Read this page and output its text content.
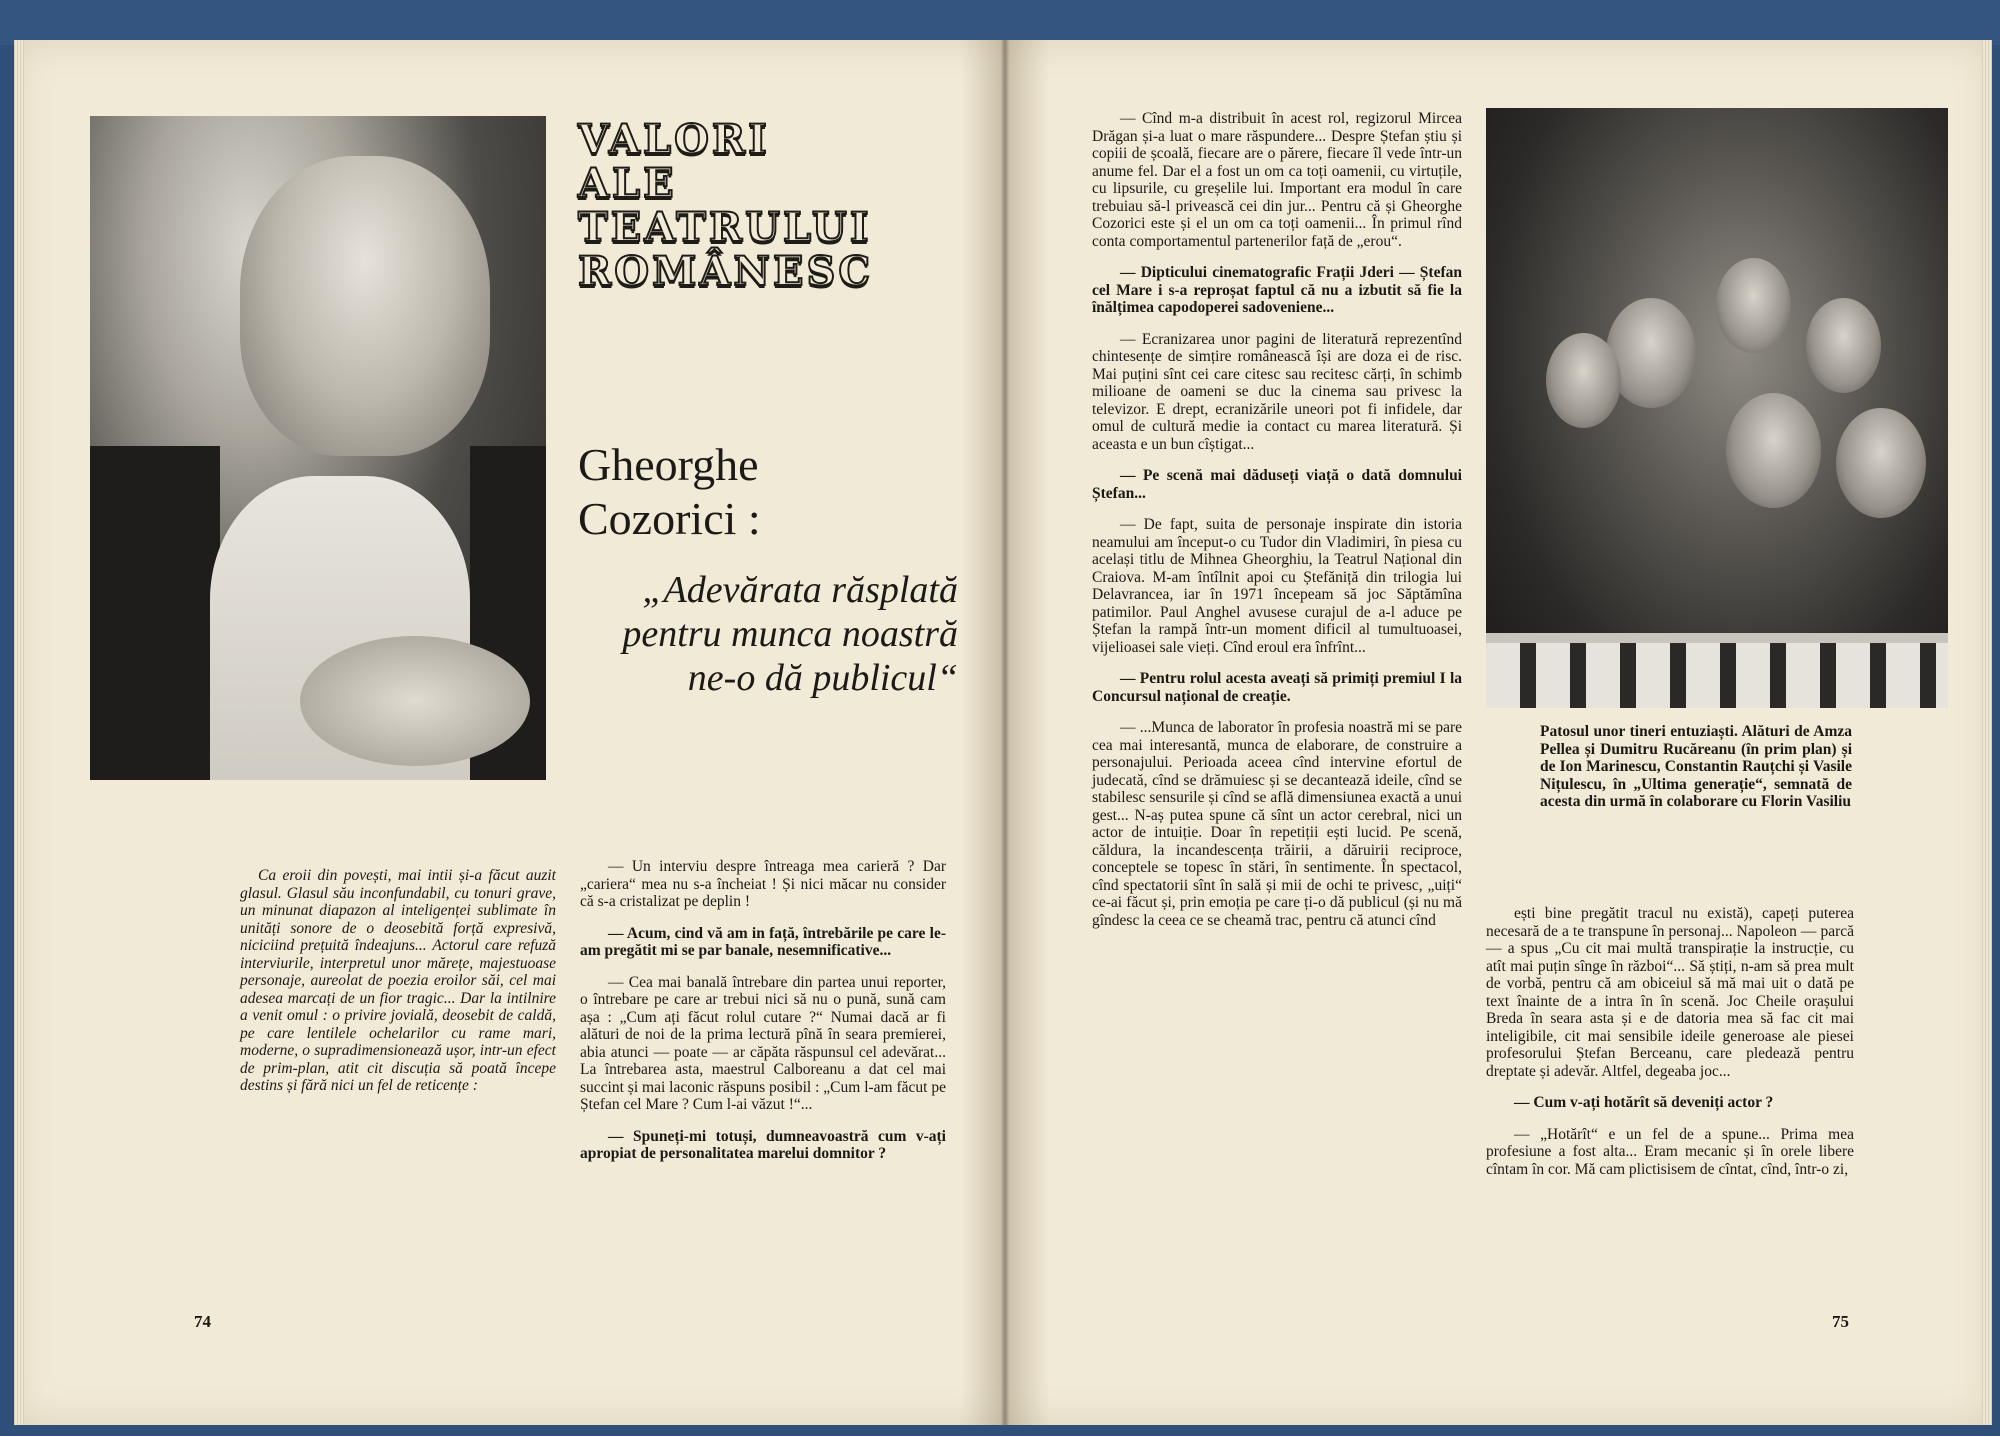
VALORI
ALE
TEATRULUI
ROMÂNESC
Gheorghe
Cozorici :
„Adevărata răsplată
pentru munca noastră
ne-o dă publicul“

Ca eroii din povești, mai intii și-a făcut auzit glasul. Glasul său inconfundabil, cu tonuri grave, un minunat diapazon al inteligenței sublimate în unități sonore de o deosebită forță expresivă, niciciind prețuită îndeajuns... Actorul care refuză interviurile, interpretul unor mărețe, majestuoase personaje, aureolat de poezia eroilor săi, cel mai adesea marcați de un fior tragic... Dar la intilnire a venit omul : o privire jovială, deosebit de caldă, pe care lentilele ochelarilor cu rame mari, moderne, o supradimensionează ușor, intr-un efect de prim-plan, atit cit discuția să poată începe destins și fără nici un fel de reticențe :

— Un interviu despre întreaga mea carieră ? Dar „cariera“ mea nu s-a încheiat ! Și nici măcar nu consider că s-a cristalizat pe deplin !

— Acum, cind vă am in față, întrebările pe care le-am pregătit mi se par banale, nesemnificative...

— Cea mai banală întrebare din partea unui reporter, o întrebare pe care ar trebui nici să nu o pună, sună cam așa : „Cum ați făcut rolul cutare ?“ Numai dacă ar fi alături de noi de la prima lectură pînă în seara premierei, abia atunci — poate — ar căpăta răspunsul cel adevărat... La întrebarea asta, maestrul Calboreanu a dat cel mai succint și mai laconic răspuns posibil : „Cum l-am făcut pe Ștefan cel Mare ? Cum l-ai văzut !“...

— Spuneți-mi totuși, dumneavoastră cum v-ați apropiat de personalitatea marelui domnitor ?

74

— Cînd m-a distribuit în acest rol, regizorul Mircea Drăgan și-a luat o mare răspundere... Despre Ștefan știu și copiii de școală, fiecare are o părere, fiecare îl vede într-un anume fel. Dar el a fost un om ca toți oamenii, cu virtuțile, cu lipsurile, cu greșelile lui. Important era modul în care trebuiau să-l privească cei din jur... Pentru că și Gheorghe Cozorici este și el un om ca toți oamenii... În primul rînd conta comportamentul partenerilor față de „erou“.

— Dipticului cinematografic Frații Jderi — Ștefan cel Mare i s-a reproșat faptul că nu a izbutit să fie la înălțimea capodoperei sadoveniene...

— Ecranizarea unor pagini de literatură reprezentînd chintesențe de simțire românească își are doza ei de risc. Mai puțini sînt cei care citesc sau recitesc cărți, în schimb milioane de oameni se duc la cinema sau privesc la televizor. E drept, ecranizările uneori pot fi infidele, dar omul de cultură medie ia contact cu marea literatură. Și aceasta e un bun cîștigat...

— Pe scenă mai dăduseți viață o dată domnului Ștefan...

— De fapt, suita de personaje inspirate din istoria neamului am început-o cu Tudor din Vladimiri, în piesa cu același titlu de Mihnea Gheorghiu, la Teatrul Național din Craiova. M-am întîlnit apoi cu Ștefăniță din trilogia lui Delavrancea, iar în 1971 începeam să joc Săptămîna patimilor. Paul Anghel avusese curajul de a-l aduce pe Ștefan la rampă într-un moment dificil al tumultuoasei, vijelioasei sale vieți. Cînd eroul era înfrînt...

— Pentru rolul acesta aveați să primiți premiul I la Concursul național de creație.

— ...Munca de laborator în profesia noastră mi se pare cea mai interesantă, munca de elaborare, de construire a personajului. Perioada aceea cînd intervine efortul de judecată, cînd se drămuiesc și se decantează ideile, cînd se stabilesc sensurile și cînd se află dimensiunea exactă a unui gest... N-aș putea spune că sînt un actor cerebral, nici un actor de intuiție. Doar în repetiții ești lucid. Pe scenă, căldura, la incandescența trăirii, a dăruirii reciproce, conceptele se topesc în stări, în sentimente. În spectacol, cînd spectatorii sînt în sală și mii de ochi te privesc, „uiți“ ce-ai făcut și, prin emoția pe care ți-o dă publicul (și nu mă gîndesc la ceea ce se cheamă trac, pentru că atunci cînd

Patosul unor tineri entuziaști. Alături de Amza Pellea și Dumitru Rucăreanu (în prim plan) și de Ion Marinescu, Constantin Rauțchi și Vasile Nițulescu, în „Ultima generație“, semnată de acesta din urmă în colaborare cu Florin Vasiliu

ești bine pregătit tracul nu există), capeți puterea necesară de a te transpune în personaj... Napoleon — parcă — a spus „Cu cit mai multă transpirație la instrucție, cu atît mai puțin sînge în război“... Să știți, n-am să prea mult de vorbă, pentru că am obiceiul să mă mai uit o dată pe text înainte de a intra în în scenă. Joc Cheile orașului Breda în seara asta și e de datoria mea să fac cit mai inteligibile, cit mai sensibile ideile generoase ale piesei profesorului Ștefan Berceanu, care pledează pentru dreptate și adevăr. Altfel, degeaba joc...

— Cum v-ați hotărît să deveniți actor ?

— „Hotărît“ e un fel de a spune... Prima mea profesiune a fost alta... Eram mecanic și în orele libere cîntam în cor. Mă cam plictisisem de cîntat, cînd, într-o zi,

75
